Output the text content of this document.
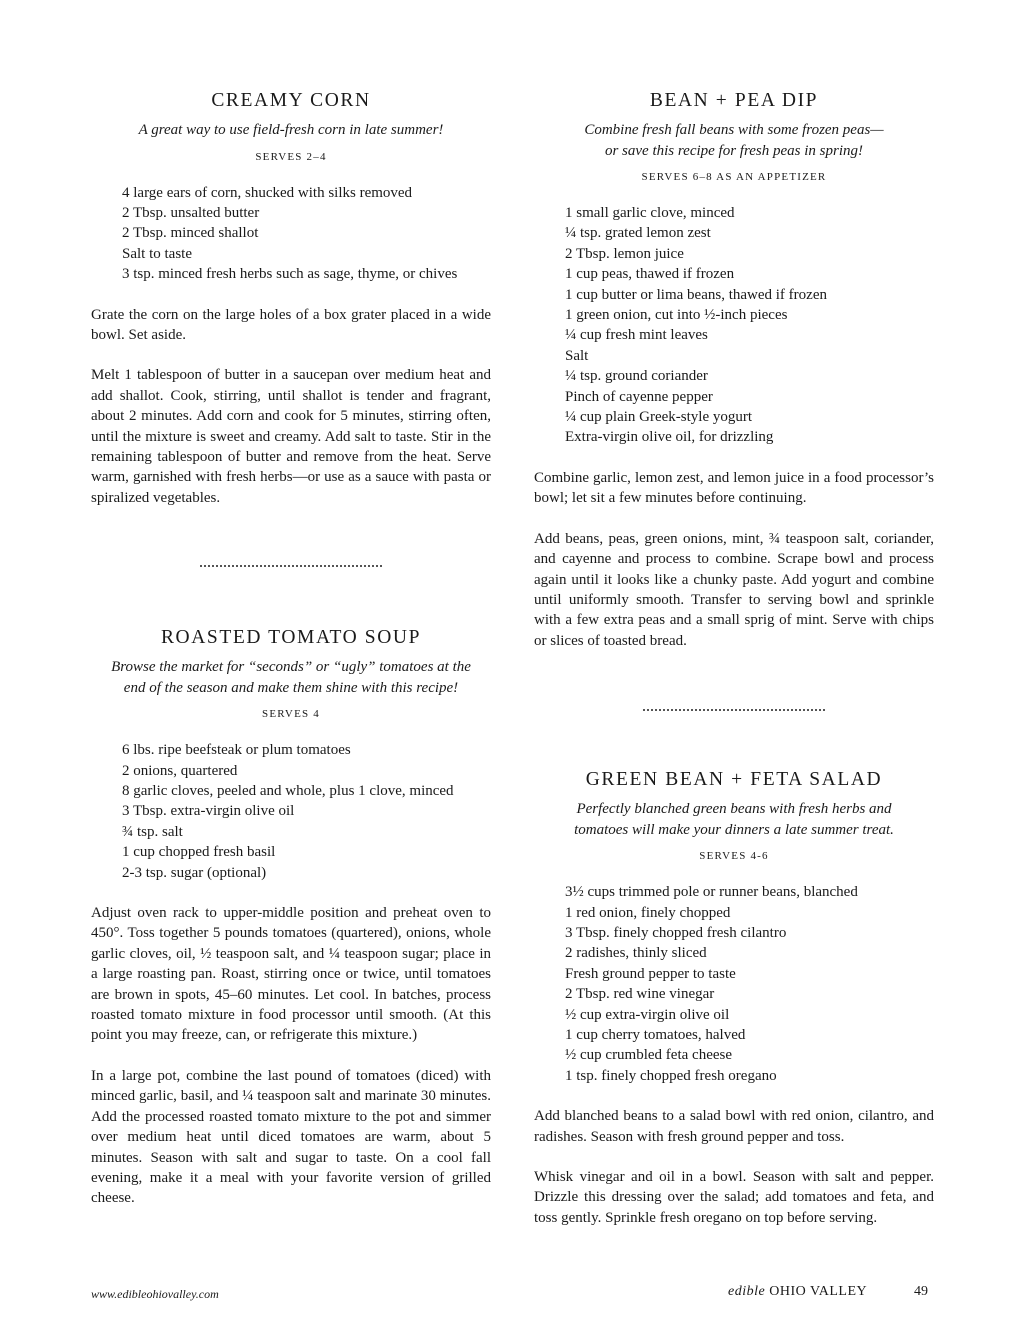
CREAMY CORN

A great way to use field-fresh corn in late summer!

SERVES 2–4

4 large ears of corn, shucked with silks removed
2 Tbsp. unsalted butter
2 Tbsp. minced shallot
Salt to taste
3 tsp. minced fresh herbs such as sage, thyme, or chives

Grate the corn on the large holes of a box grater placed in a wide bowl. Set aside.

Melt 1 tablespoon of butter in a saucepan over medium heat and add shallot. Cook, stirring, until shallot is tender and fragrant, about 2 minutes. Add corn and cook for 5 minutes, stirring often, until the mixture is sweet and creamy. Add salt to taste. Stir in the remaining tablespoon of butter and remove from the heat. Serve warm, garnished with fresh herbs—or use as a sauce with pasta or spiralized vegetables.

ROASTED TOMATO SOUP

Browse the market for “seconds” or “ugly” tomatoes at the
end of the season and make them shine with this recipe!

SERVES 4

6 lbs. ripe beefsteak or plum tomatoes
2 onions, quartered
8 garlic cloves, peeled and whole, plus 1 clove, minced
3 Tbsp. extra-virgin olive oil
¾ tsp. salt
1 cup chopped fresh basil
2-3 tsp. sugar (optional)

Adjust oven rack to upper-middle position and preheat oven to 450°. Toss together 5 pounds tomatoes (quartered), onions, whole garlic cloves, oil, ½ teaspoon salt, and ¼ teaspoon sugar; place in a large roasting pan. Roast, stirring once or twice, until tomatoes are brown in spots, 45–60 minutes. Let cool. In batches, process roasted tomato mixture in food processor until smooth. (At this point you may freeze, can, or refrigerate this mixture.)

In a large pot, combine the last pound of tomatoes (diced) with minced garlic, basil, and ¼ teaspoon salt and marinate 30 minutes. Add the processed roasted tomato mixture to the pot and simmer over medium heat until diced tomatoes are warm, about 5 minutes. Season with salt and sugar to taste. On a cool fall evening, make it a meal with your favorite version of grilled cheese.

BEAN + PEA DIP

Combine fresh fall beans with some frozen peas—
or save this recipe for fresh peas in spring!

SERVES 6–8 AS AN APPETIZER

1 small garlic clove, minced
¼ tsp. grated lemon zest
2 Tbsp. lemon juice
1 cup peas, thawed if frozen
1 cup butter or lima beans, thawed if frozen
1 green onion, cut into ½-inch pieces
¼ cup fresh mint leaves
Salt
¼ tsp. ground coriander
Pinch of cayenne pepper
¼ cup plain Greek-style yogurt
Extra-virgin olive oil, for drizzling

Combine garlic, lemon zest, and lemon juice in a food processor’s bowl; let sit a few minutes before continuing.

Add beans, peas, green onions, mint, ¾ teaspoon salt, coriander, and cayenne and process to combine. Scrape bowl and process again until it looks like a chunky paste. Add yogurt and combine until uniformly smooth. Transfer to serving bowl and sprinkle with a few extra peas and a small sprig of mint. Serve with chips or slices of toasted bread.

GREEN BEAN + FETA SALAD

Perfectly blanched green beans with fresh herbs and
tomatoes will make your dinners a late summer treat.

SERVES 4-6

3½ cups trimmed pole or runner beans, blanched
1 red onion, finely chopped
3 Tbsp. finely chopped fresh cilantro
2 radishes, thinly sliced
Fresh ground pepper to taste
2 Tbsp. red wine vinegar
½ cup extra-virgin olive oil
1 cup cherry tomatoes, halved
½ cup crumbled feta cheese
1 tsp. finely chopped fresh oregano

Add blanched beans to a salad bowl with red onion, cilantro, and radishes. Season with fresh ground pepper and toss.

Whisk vinegar and oil in a bowl. Season with salt and pepper. Drizzle this dressing over the salad; add tomatoes and feta, and toss gently. Sprinkle fresh oregano on top before serving.

www.edibleohiovalley.com	edible OHIO VALLEY	49
